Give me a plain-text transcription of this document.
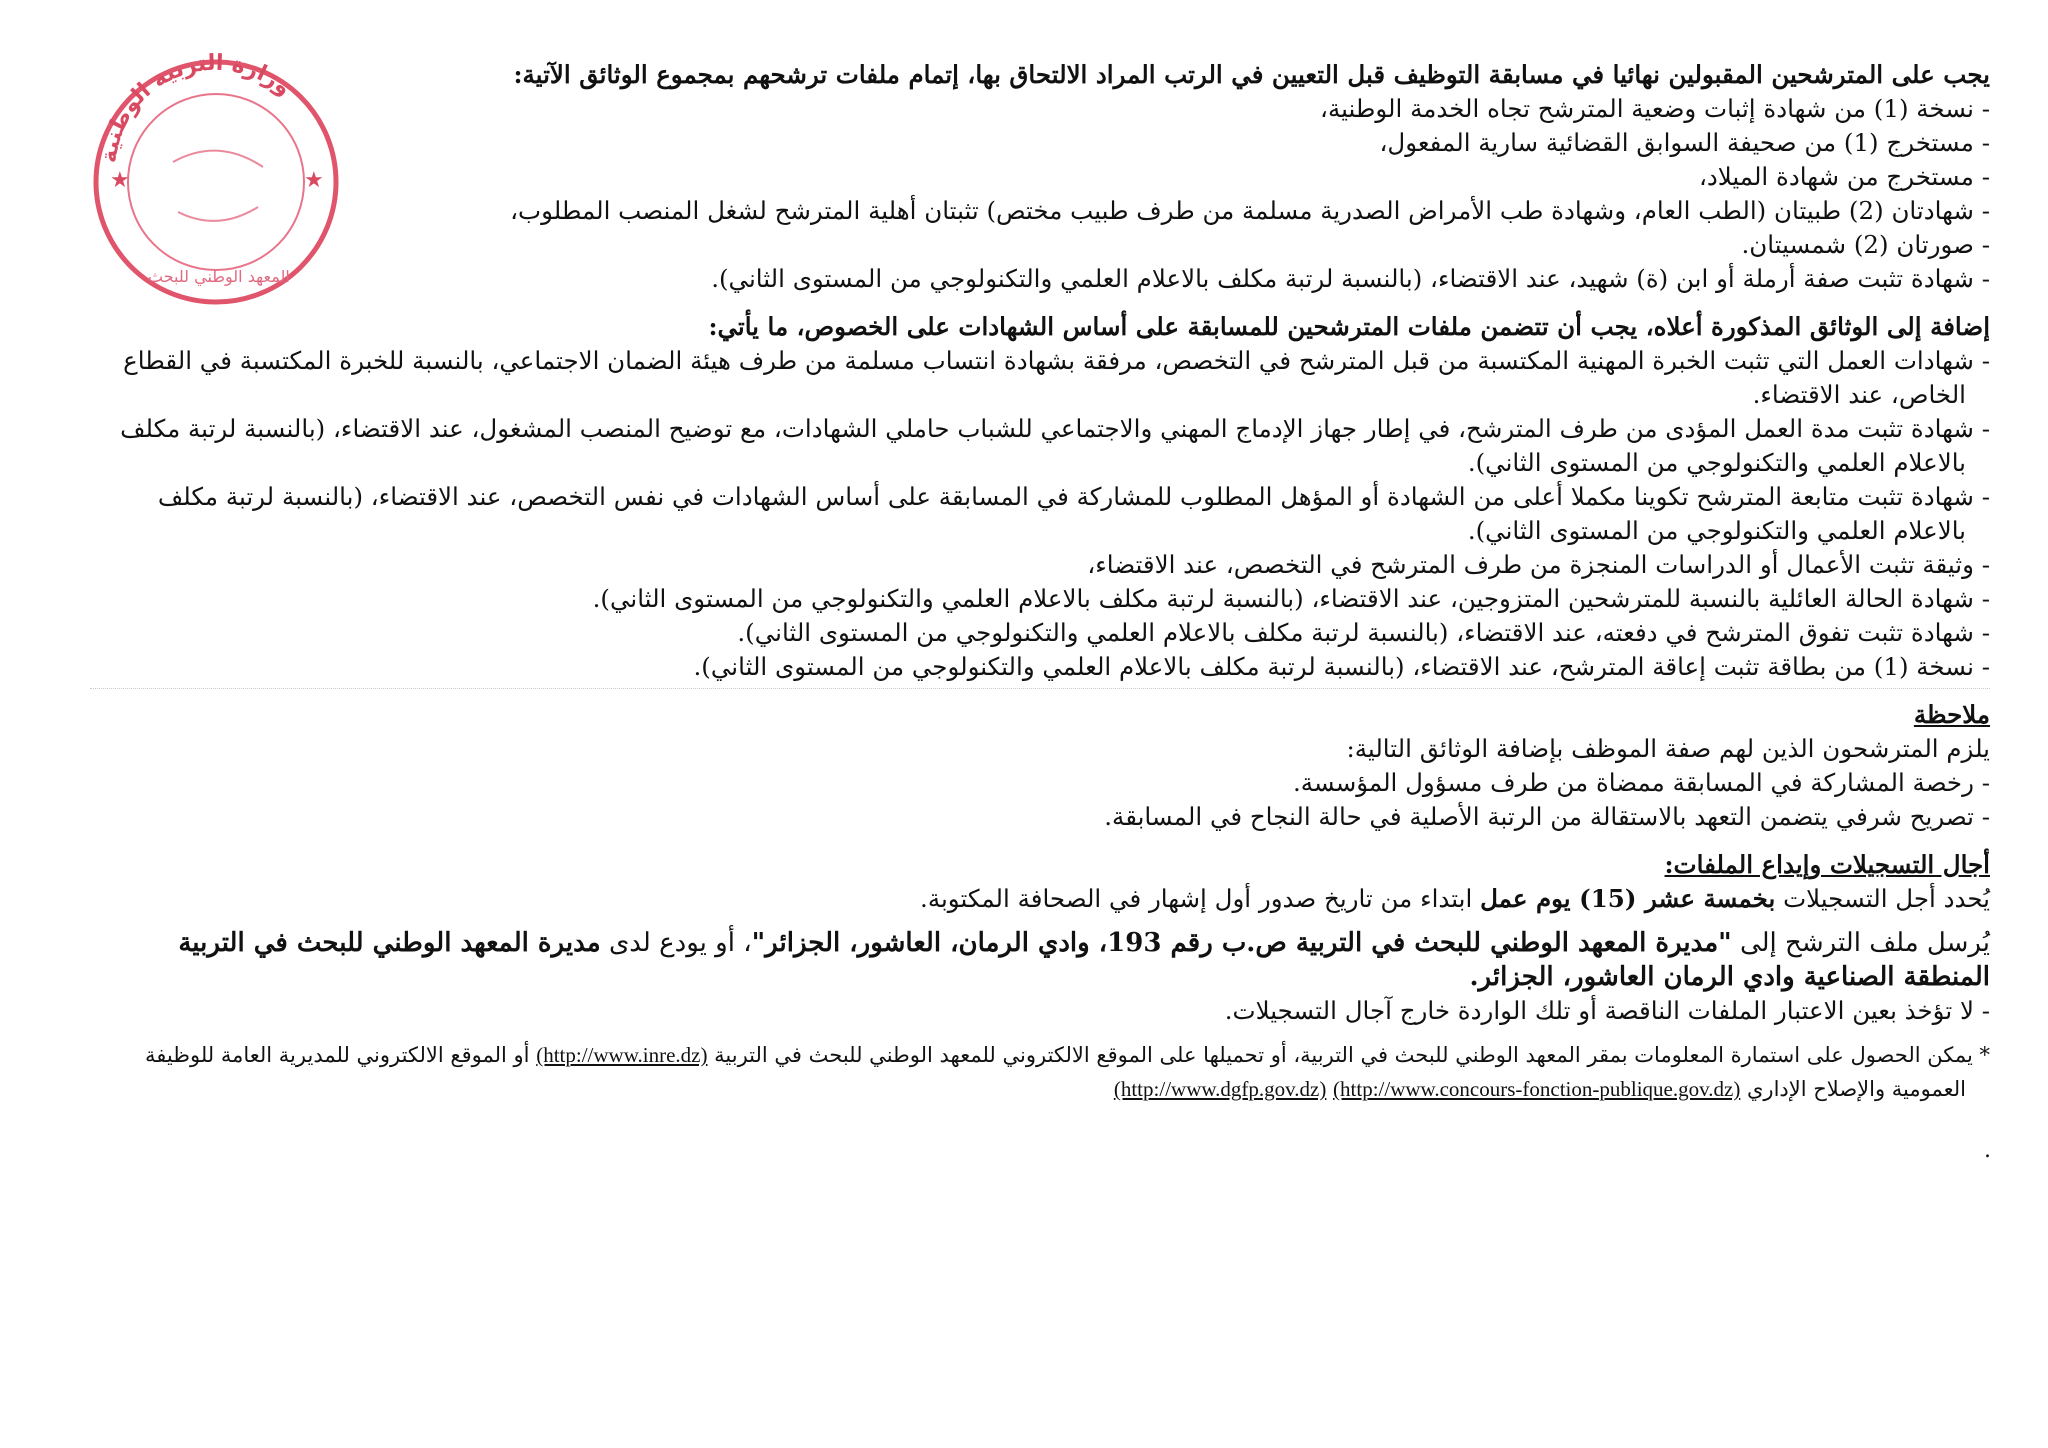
وزارة التربية الوطنية
★	★
المعهد الوطني للبحث

يجب على المترشحين المقبولين نهائيا في مسابقة التوظيف قبل التعيين في الرتب المراد الالتحاق بها، إتمام ملفات ترشحهم بمجموع الوثائق الآتية:

- نسخة (1) من شهادة إثبات وضعية المترشح تجاه الخدمة الوطنية،
- مستخرج (1) من صحيفة السوابق القضائية سارية المفعول،
- مستخرج من شهادة الميلاد،
- شهادتان (2) طبيتان (الطب العام، وشهادة طب الأمراض الصدرية مسلمة من طرف طبيب مختص) تثبتان أهلية المترشح لشغل المنصب المطلوب،
- صورتان (2) شمسيتان.
- شهادة تثبت صفة أرملة أو ابن (ة) شهيد، عند الاقتضاء، (بالنسبة لرتبة مكلف بالاعلام العلمي والتكنولوجي من المستوى الثاني).

إضافة إلى الوثائق المذكورة أعلاه، يجب أن تتضمن ملفات المترشحين للمسابقة على أساس الشهادات على الخصوص، ما يأتي:

- شهادات العمل التي تثبت الخبرة المهنية المكتسبة من قبل المترشح في التخصص، مرفقة بشهادة انتساب مسلمة من طرف هيئة الضمان الاجتماعي، بالنسبة للخبرة المكتسبة في القطاع الخاص، عند الاقتضاء.
- شهادة تثبت مدة العمل المؤدى من طرف المترشح، في إطار جهاز الإدماج المهني والاجتماعي للشباب حاملي الشهادات، مع توضيح المنصب المشغول، عند الاقتضاء، (بالنسبة لرتبة مكلف بالاعلام العلمي والتكنولوجي من المستوى الثاني).
- شهادة تثبت متابعة المترشح تكوينا مكملا أعلى من الشهادة أو المؤهل المطلوب للمشاركة في المسابقة على أساس الشهادات في نفس التخصص، عند الاقتضاء، (بالنسبة لرتبة مكلف بالاعلام العلمي والتكنولوجي من المستوى الثاني).
- وثيقة تثبت الأعمال أو الدراسات المنجزة من طرف المترشح في التخصص، عند الاقتضاء،
- شهادة الحالة العائلية بالنسبة للمترشحين المتزوجين، عند الاقتضاء، (بالنسبة لرتبة مكلف بالاعلام العلمي والتكنولوجي من المستوى الثاني).
- شهادة تثبت تفوق المترشح في دفعته، عند الاقتضاء، (بالنسبة لرتبة مكلف بالاعلام العلمي والتكنولوجي من المستوى الثاني).
- نسخة (1) من بطاقة تثبت إعاقة المترشح، عند الاقتضاء، (بالنسبة لرتبة مكلف بالاعلام العلمي والتكنولوجي من المستوى الثاني).

ملاحظة

يلزم المترشحون الذين لهم صفة الموظف بإضافة الوثائق التالية:

- رخصة المشاركة في المسابقة ممضاة من طرف مسؤول المؤسسة.
- تصريح شرفي يتضمن التعهد بالاستقالة من الرتبة الأصلية في حالة النجاح في المسابقة.

أجال التسجيلات وإيداع الملفات:

يُحدد أجل التسجيلات بخمسة عشر (15) يوم عمل ابتداء من تاريخ صدور أول إشهار في الصحافة المكتوبة.

يُرسل ملف الترشح إلى "مديرة المعهد الوطني للبحث في التربية ص.ب رقم 193، وادي الرمان، العاشور، الجزائر"، أو يودع لدى مديرة المعهد الوطني للبحث في التربية المنطقة الصناعية وادي الرمان العاشور، الجزائر.

- لا تؤخذ بعين الاعتبار الملفات الناقصة أو تلك الواردة خارج آجال التسجيلات.

* يمكن الحصول على استمارة المعلومات بمقر المعهد الوطني للبحث في التربية، أو تحميلها على الموقع الالكتروني للمعهد الوطني للبحث في التربية (http://www.inre.dz) أو الموقع الالكتروني للمديرية العامة للوظيفة العمومية والإصلاح الإداري (http://www.concours-fonction-publique.gov.dz) (http://www.dgfp.gov.dz)

.
